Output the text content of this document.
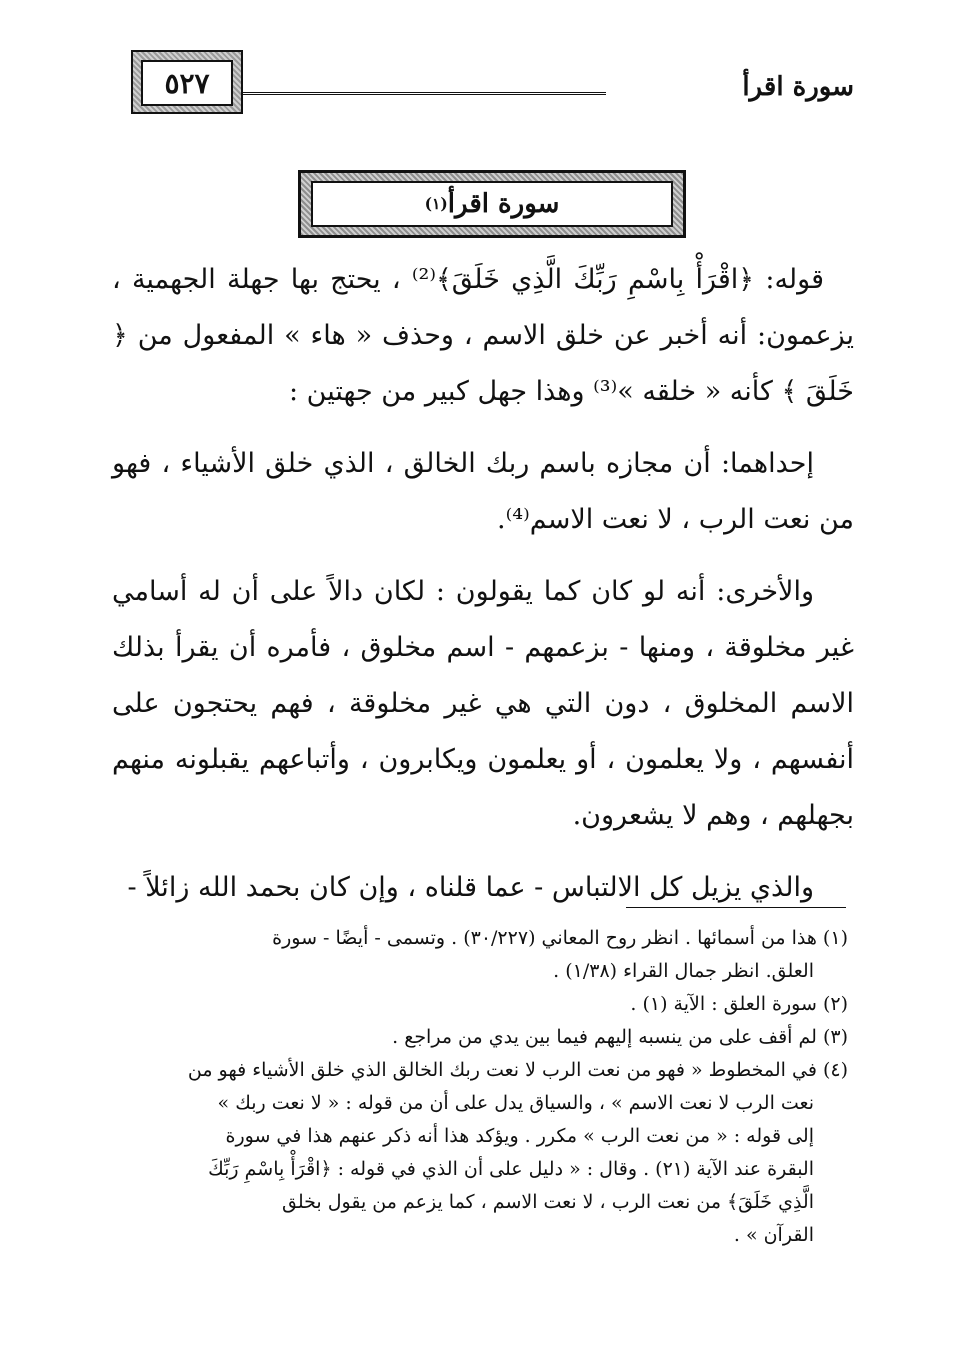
سورة اقرأ
٥٢٧
سورة اقرأ
(١)

قوله: ﴿اقْرَأْ بِاسْمِ رَبِّكَ الَّذِي خَلَقَ﴾⁽²⁾ ، يحتج بها جهلة الجهمية ، يزعمون: أنه أخبر عن خلق الاسم ، وحذف « هاء » المفعول من ﴿ خَلَقَ ﴾ كأنه « خلقه »⁽³⁾ وهذا جهل كبير من جهتين :

إحداهما: أن مجازه باسم ربك الخالق ، الذي خلق الأشياء ، فهو من نعت الرب ، لا نعت الاسم⁽⁴⁾.

والأخرى: أنه لو كان كما يقولون : لكان دالاً على أن له أسامي غير مخلوقة ، ومنها - بزعمهم - اسم مخلوق ، فأمره أن يقرأ بذلك الاسم المخلوق ، دون التي هي غير مخلوقة ، فهم يحتجون على أنفسهم ، ولا يعلمون ، أو يعلمون ويكابرون ، وأتباعهم يقبلونه منهم بجهلهم ، وهم لا يشعرون.

والذي يزيل كل الالتباس - عما قلناه ، وإن كان بحمد الله زائلاً -

(١) هذا من أسمائها . انظر روح المعاني (٣٠/٢٢٧) . وتسمى - أيضًا - سورة
العلق. انظر جمال القراء (١/٣٨) .

(٢) سورة العلق : الآية (١) .

(٣) لم أقف على من ينسبه إليهم فيما بين يدي من مراجع .

(٤) في المخطوط « فهو من نعت الرب لا نعت ربك الخالق الذي خلق الأشياء فهو من
نعت الرب لا نعت الاسم » ، والسياق يدل على أن من قوله : « لا نعت ربك »
إلى قوله : « من نعت الرب » مكرر . ويؤكد هذا أنه ذكر عنهم هذا في سورة
البقرة عند الآية (٢١) . وقال : « دليل على أن الذي في قوله : ﴿اقْرَأْ بِاسْمِ رَبِّكَ
الَّذِي خَلَقَ﴾ من نعت الرب ، لا نعت الاسم ، كما يزعم من يقول بخلق
القرآن » .
